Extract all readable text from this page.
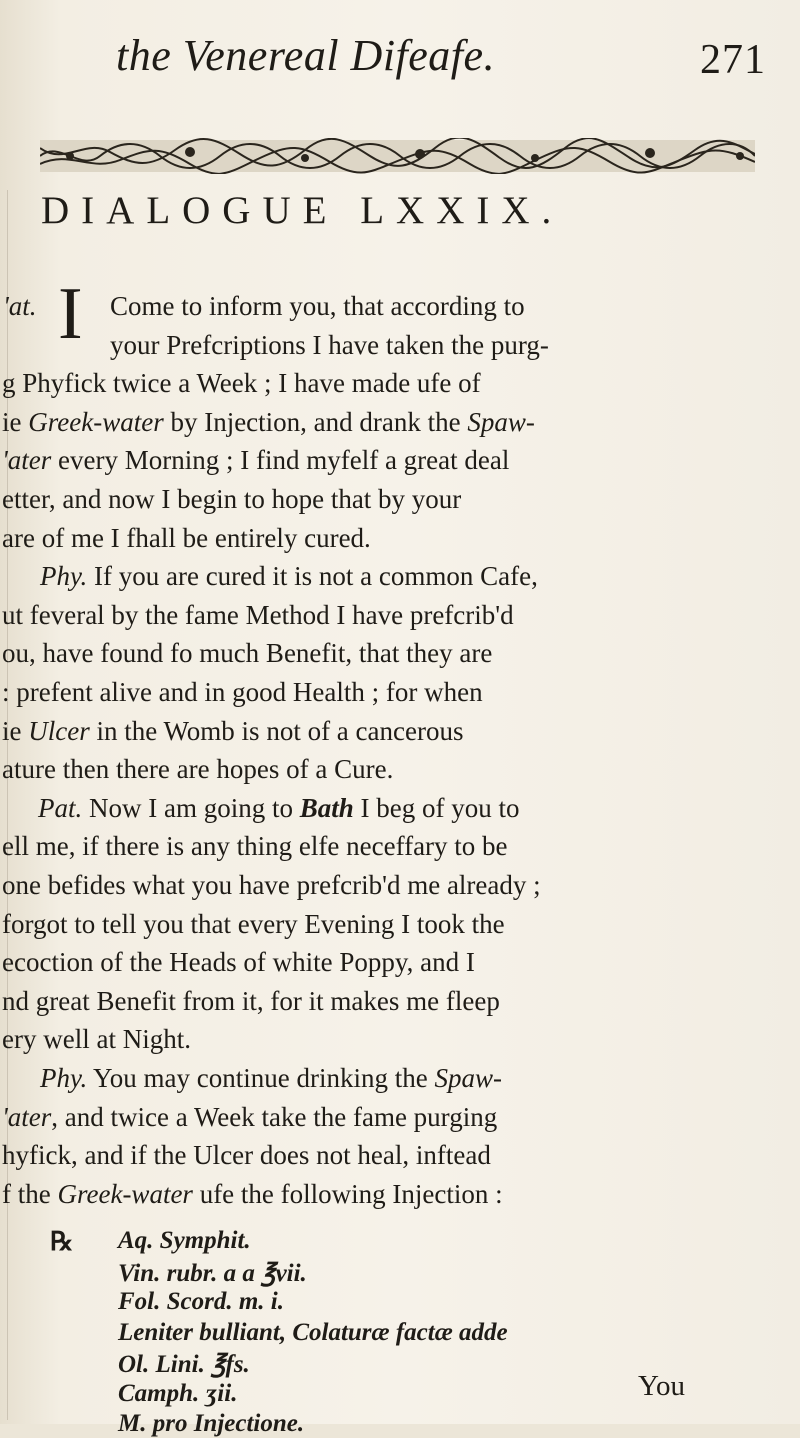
the Venereal Difeafe.	271
DIALOGUE LXXIX.
I
'at.	Come to inform you, that according to
your Prefcriptions I have taken the purg-
g Phyfick twice a Week ; I have made ufe of
ie Greek-water by Injection, and drank the Spaw-
'ater every Morning ; I find myfelf a great deal
etter, and now I begin to hope that by your
are of me I fhall be entirely cured.
Phy. If you are cured it is not a common Cafe,
ut feveral by the fame Method I have prefcrib'd
ou, have found fo much Benefit, that they are
: prefent alive and in good Health ; for when
ie Ulcer in the Womb is not of a cancerous
ature then there are hopes of a Cure.
Pat. Now I am going to Bath I beg of you to
ell me, if there is any thing elfe neceffary to be
one befides what you have prefcrib'd me already ;
forgot to tell you that every Evening I took the
ecoction of the Heads of white Poppy, and I
nd great Benefit from it, for it makes me fleep
ery well at Night.
Phy. You may continue drinking the Spaw-
'ater, and twice a Week take the fame purging
hyfick, and if the Ulcer does not heal, inftead
f the Greek-water ufe the following Injection :
℞ Aq. Symphit.
Vin. rubr. a a ℥vii.
Fol. Scord. m. i.
Leniter bulliant, Colaturæ factæ adde
Ol. Lini. ℥fs.
Camph. ʒii.
M. pro Injectione.
You
